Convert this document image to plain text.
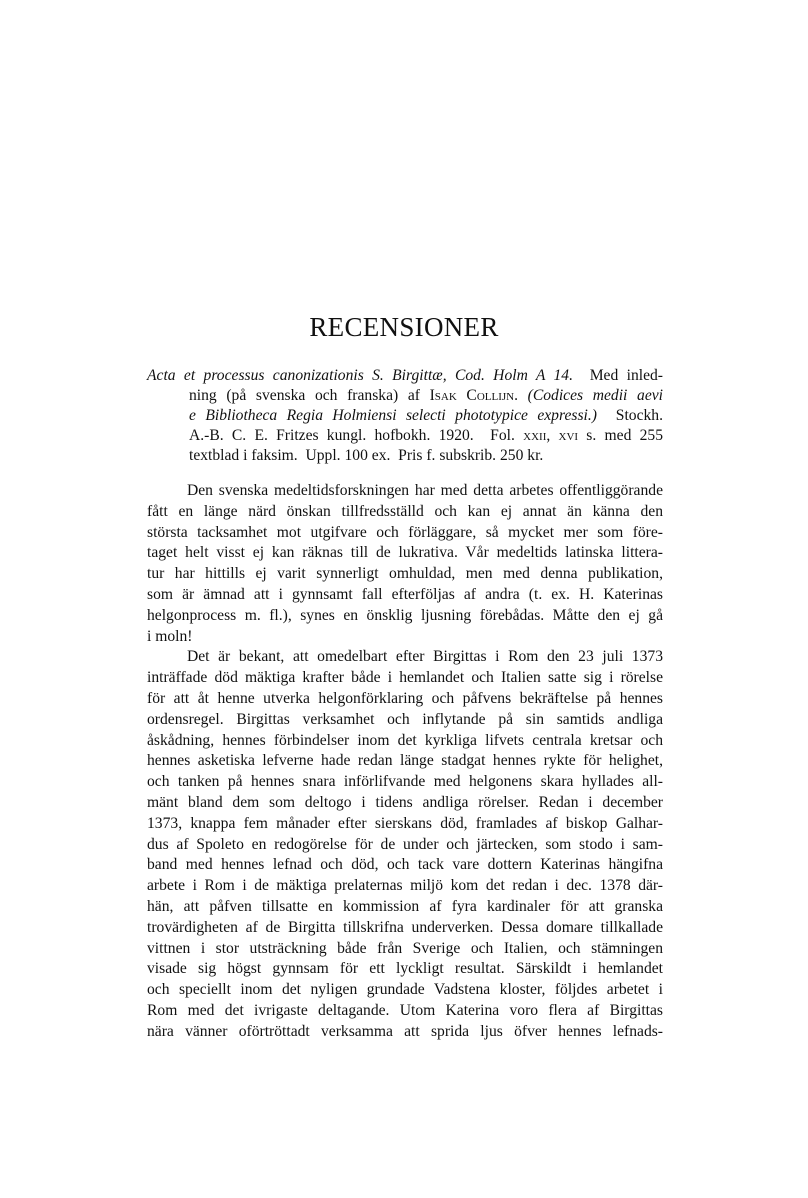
RECENSIONER
Acta et processus canonizationis S. Birgittæ, Cod. Holm A 14.  Med inled-
ning (på svenska och franska) af Isak Collijn. (Codices medii aevi
e Bibliotheca Regia Holmiensi selecti phototypice expressi.)  Stockh.
A.-B. C. E. Fritzes kungl. hofbokh. 1920.  Fol. xxii, xvi s. med 255
textblad i faksim.  Uppl. 100 ex.  Pris f. subskrib. 250 kr.
Den svenska medeltidsforskningen har med detta arbetes offentliggörande
fått en länge närd önskan tillfredsställd och kan ej annat än känna den
största tacksamhet mot utgifvare och förläggare, så mycket mer som före-
taget helt visst ej kan räknas till de lukrativa. Vår medeltids latinska littera-
tur har hittills ej varit synnerligt omhuldad, men med denna publikation,
som är ämnad att i gynnsamt fall efterföljas af andra (t. ex. H. Katerinas
helgonprocess m. fl.), synes en önsklig ljusning förebådas. Måtte den ej gå
i moln!
Det är bekant, att omedelbart efter Birgittas i Rom den 23 juli 1373
inträffade död mäktiga krafter både i hemlandet och Italien satte sig i rörelse
för att åt henne utverka helgonförklaring och påfvens bekräftelse på hennes
ordensregel. Birgittas verksamhet och inflytande på sin samtids andliga
åskådning, hennes förbindelser inom det kyrkliga lifvets centrala kretsar och
hennes asketiska lefverne hade redan länge stadgat hennes rykte för helighet,
och tanken på hennes snara införlifvande med helgonens skara hyllades all-
mänt bland dem som deltogo i tidens andliga rörelser. Redan i december
1373, knappa fem månader efter sierskans död, framlades af biskop Galhar-
dus af Spoleto en redogörelse för de under och järtecken, som stodo i sam-
band med hennes lefnad och död, och tack vare dottern Katerinas hängifna
arbete i Rom i de mäktiga prelaternas miljö kom det redan i dec. 1378 där-
hän, att påfven tillsatte en kommission af fyra kardinaler för att granska
trovärdigheten af de Birgitta tillskrifna underverken. Dessa domare tillkallade
vittnen i stor utsträckning både från Sverige och Italien, och stämningen
visade sig högst gynnsam för ett lyckligt resultat. Särskildt i hemlandet
och speciellt inom det nyligen grundade Vadstena kloster, följdes arbetet i
Rom med det ivrigaste deltagande. Utom Katerina voro flera af Birgittas
nära vänner oförtröttadt verksamma att sprida ljus öfver hennes lefnads-
